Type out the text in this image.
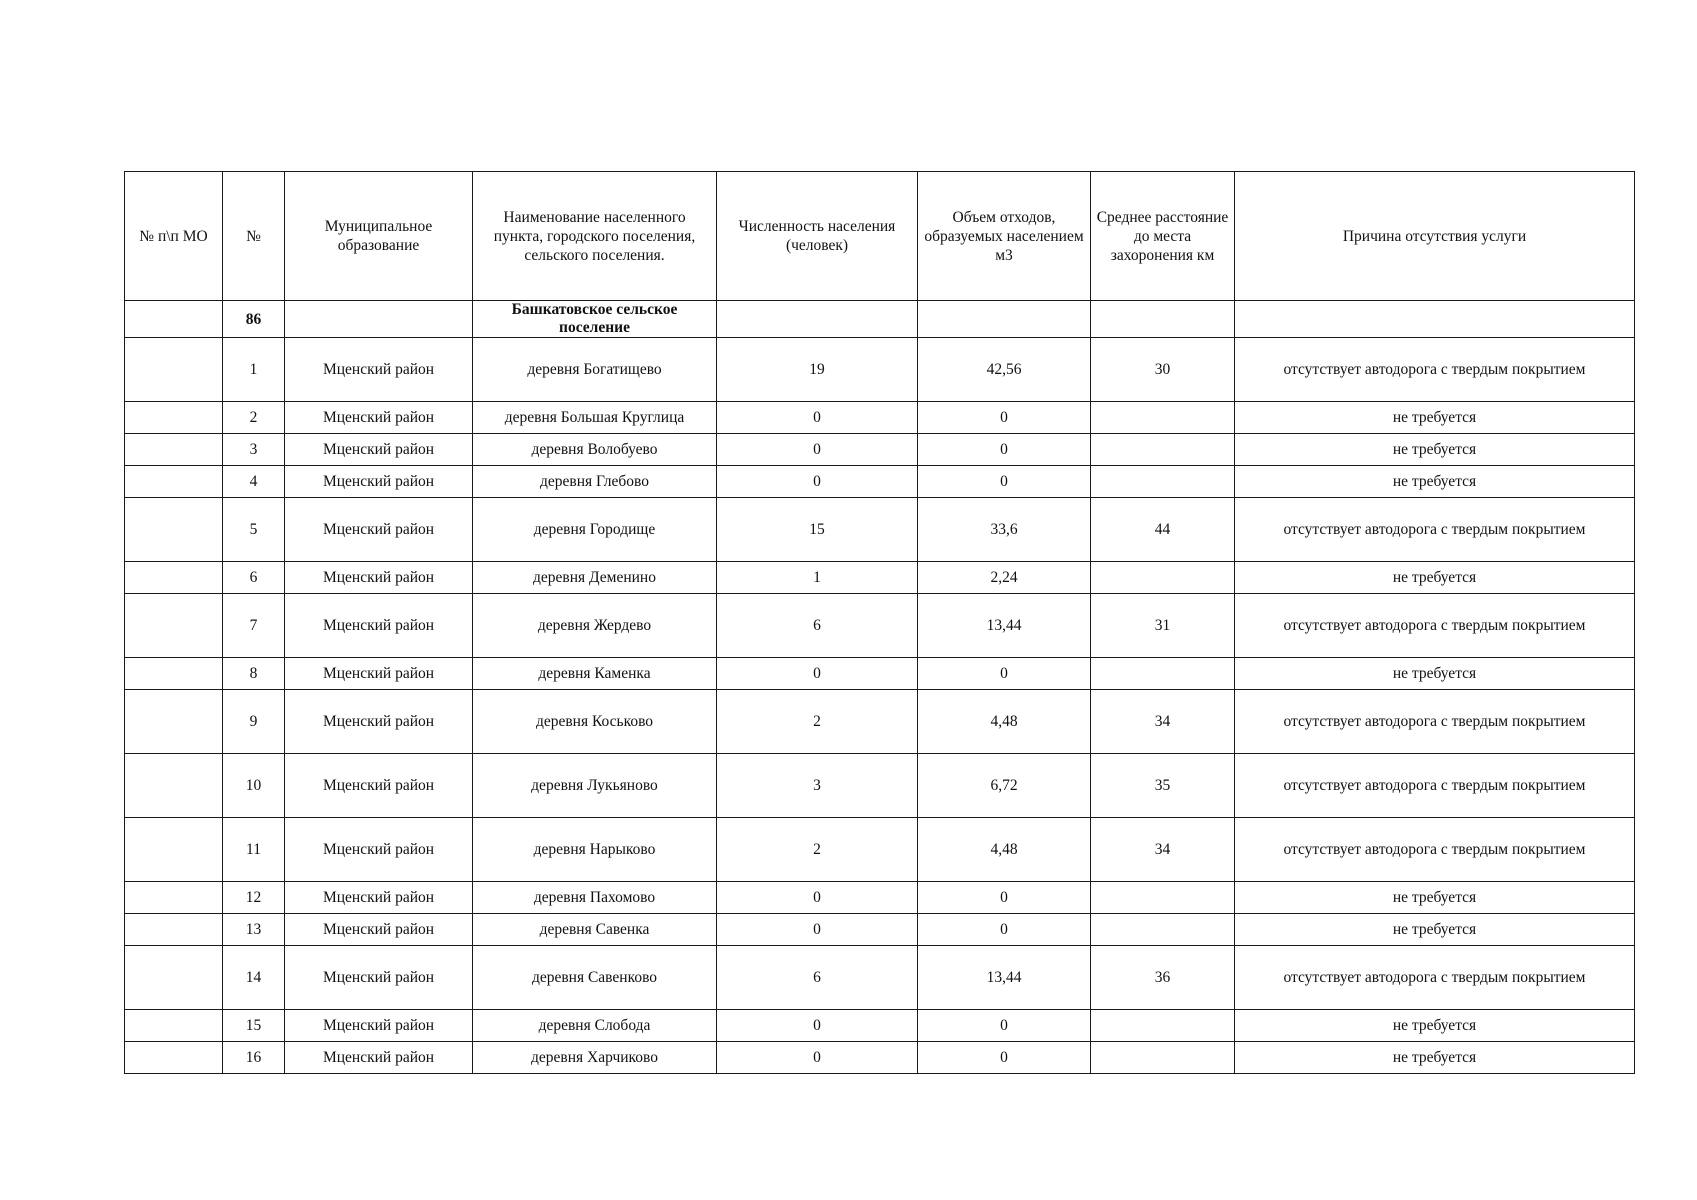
№ п\п МО	№	Муниципальное образование	Наименование населенного пункта, городского поселения, сельского поселения.	Численность населения (человек)	Объем отходов, образуемых населением м3	Среднее расстояние до места захоронения км	Причина отсутствия услуги
	86		Башкатовское сельское поселение				
	1	Мценский район	деревня Богатищево	19	42,56	30	отсутствует автодорога с твердым покрытием
	2	Мценский район	деревня Большая Круглица	0	0		не требуется
	3	Мценский район	деревня Волобуево	0	0		не требуется
	4	Мценский район	деревня Глебово	0	0		не требуется
	5	Мценский район	деревня Городище	15	33,6	44	отсутствует автодорога с твердым покрытием
	6	Мценский район	деревня Деменино	1	2,24		не требуется
	7	Мценский район	деревня Жердево	6	13,44	31	отсутствует автодорога с твердым покрытием
	8	Мценский район	деревня Каменка	0	0		не требуется
	9	Мценский район	деревня Коськово	2	4,48	34	отсутствует автодорога с твердым покрытием
	10	Мценский район	деревня Лукьяново	3	6,72	35	отсутствует автодорога с твердым покрытием
	11	Мценский район	деревня Нарыково	2	4,48	34	отсутствует автодорога с твердым покрытием
	12	Мценский район	деревня Пахомово	0	0		не требуется
	13	Мценский район	деревня Савенка	0	0		не требуется
	14	Мценский район	деревня Савенково	6	13,44	36	отсутствует автодорога с твердым покрытием
	15	Мценский район	деревня Слобода	0	0		не требуется
	16	Мценский район	деревня Харчиково	0	0		не требуется
